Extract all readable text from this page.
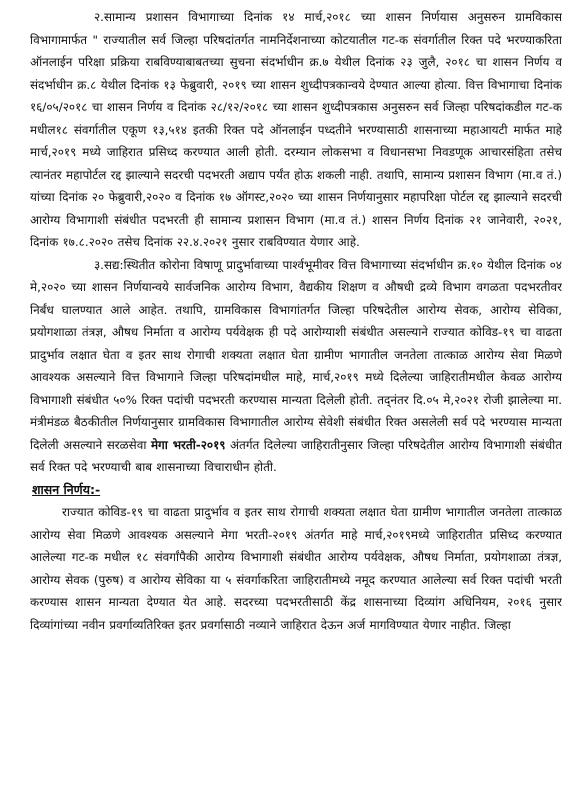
२.सामान्य प्रशासन विभागाच्या दिनांक १४ मार्च,२०१८ च्या शासन निर्णयास अनुसरुन ग्रामविकास विभागामार्फत " राज्यातील सर्व जिल्हा परिषदांतर्गत नामनिर्देशनाच्या कोटयातील गट-क संवर्गातील रिक्त पदे भरण्याकरिता ऑनलाईन परिक्षा प्रक्रिया राबविण्याबाबतच्या सुचना संदर्भाधीन क्र.७ येथील दिनांक २३ जुलै, २०१८ चा शासन निर्णय व संदर्भाधीन क्र.८ येथील दिनांक १३ फेब्रुवारी, २०१९ च्या शासन शुध्दीपत्रकान्वये देण्यात आल्या होत्या. वित्त विभागाचा दिनांक १६/०५/२०१८ चा शासन निर्णय व दिनांक २८/१२/२०१८ च्या शासन शुध्दीपत्रकास अनुसरुन सर्व जिल्हा परिषदांकडील गट-क मधील१८ संवर्गातील एकूण १३,५१४ इतकी रिक्त पदे ऑनलाईन पध्दतीने भरण्यासाठी शासनाच्या महाआयटी मार्फत माहे मार्च,२०१९ मध्ये जाहिरात प्रसिध्द करण्यात आली होती. दरम्यान लोकसभा व विधानसभा निवडणूक आचारसंहिता तसेच त्यानंतर महापोर्टल रद्द झाल्याने सदरची पदभरती अद्याप पर्यंत होऊ शकली नाही. तथापि, सामान्य प्रशासन विभाग (मा.व तं.) यांच्या दिनांक २० फेब्रुवारी,२०२० व दिनांक १७ ऑगस्ट,२०२० च्या शासन निर्णयानुसार महापरिक्षा पोर्टल रद्द झाल्याने सदरची आरोग्य विभागाशी संबंधीत पदभरती ही सामान्य प्रशासन विभाग (मा.व तं.) शासन निर्णय दिनांक २१ जानेवारी, २०२१, दिनांक १७.८.२०२० तसेच दिनांक २२.४.२०२१ नुसार राबविण्यात येणार आहे.

३.सद्य:स्थितीत कोरोना विषाणू प्रादुर्भावाच्या पार्श्वभूमीवर वित्त विभागाच्या संदर्भाधीन क्र.१० येथील दिनांक ०४ मे,२०२० च्या शासन निर्णयान्वये सार्वजनिक आरोग्य विभाग, वैद्यकीय शिक्षण व औषधी द्रव्ये विभाग वगळता पदभरतीवर निर्बंध घालण्यात आले आहेत. तथापि, ग्रामविकास विभागांतर्गत जिल्हा परिषदेतील आरोग्य सेवक, आरोग्य सेविका, प्रयोगशाळा तंत्रज्ञ, औषध निर्माता व आरोग्य पर्यवेक्षक ही पदे आरोग्याशी संबंधीत असल्याने राज्यात कोविड-१९ चा वाढता प्रादुर्भाव लक्षात घेता व इतर साथ रोगाची शक्यता लक्षात घेता ग्रामीण भागातील जनतेला तात्काळ आरोग्य सेवा मिळणे आवश्यक असल्याने वित्त विभागाने जिल्हा परिषदांमधील माहे, मार्च,२०१९ मध्ये दिलेल्या जाहिरातीमधील केवळ आरोग्य विभागाशी संबंधीत ५०% रिक्त पदांची पदभरती करण्यास मान्यता दिलेली होती. तद्नंतर दि.०५ मे,२०२१ रोजी झालेल्या मा. मंत्रीमंडळ बैठकीतील निर्णयानुसार ग्रामविकास विभागातील आरोग्य सेवेशी संबंधीत रिक्त असलेली सर्व पदे भरण्यास मान्यता दिलेली असल्याने सरळसेवा मेगा भरती-२०१९ अंतर्गत दिलेल्या जाहिरातीनुसार जिल्हा परिषदेतील आरोग्य विभागाशी संबंधीत सर्व रिक्त पदे भरण्याची बाब शासनाच्या विचाराधीन होती.

शासन निर्णय:-

राज्यात कोविड-१९ चा वाढता प्रादुर्भाव व इतर साथ रोगाची शक्यता लक्षात घेता ग्रामीण भागातील जनतेला तात्काळ आरोग्य सेवा मिळणे आवश्यक असल्याने मेगा भरती-२०१९ अंतर्गत माहे मार्च,२०१९मध्ये जाहिरातीत प्रसिध्द करण्यात आलेल्या गट-क मधील १८ संवर्गांपैकी आरोग्य विभागाशी संबंधीत आरोग्य पर्यवेक्षक, औषध निर्माता, प्रयोगशाळा तंत्रज्ञ, आरोग्य सेवक (पुरुष) व आरोग्य सेविका या ५ संवर्गाकरिता जाहिरातीमध्ये नमूद करण्यात आलेल्या सर्व रिक्त पदांची भरती करण्यास शासन मान्यता देण्यात येत आहे. सदरच्या पदभरतीसाठी केंद्र शासनाच्या दिव्यांग अधिनियम, २०१६ नुसार दिव्यांगांच्या नवीन प्रवर्गाव्यतिरिक्त इतर प्रवर्गासाठी नव्याने जाहिरात देऊन अर्ज मागविण्यात येणार नाहीत. जिल्हा
